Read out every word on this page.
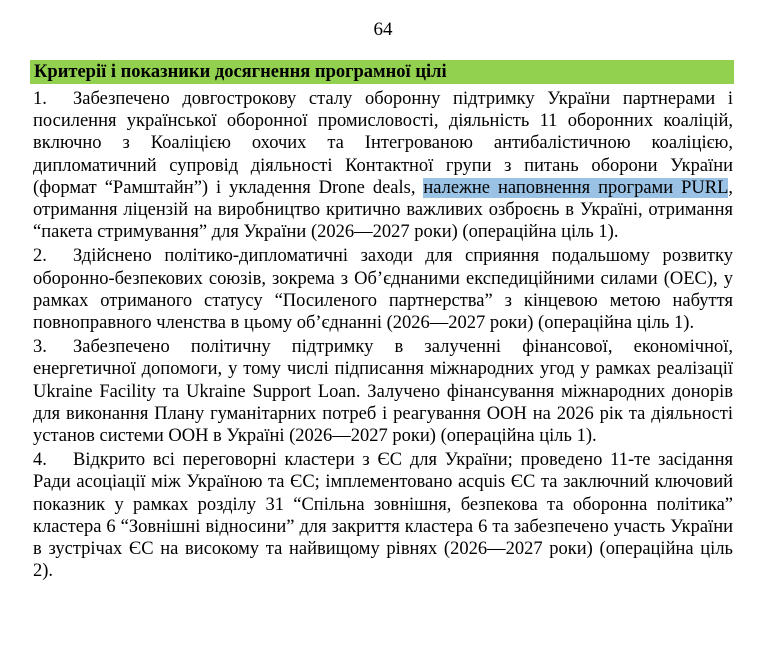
64
Критерії і показники досягнення програмної цілі
1. Забезпечено довгострокову сталу оборонну підтримку України партнерами і посилення української оборонної промисловості, діяльність 11 оборонних коаліцій, включно з Коаліцією охочих та Інтегрованою антибалістичною коаліцією, дипломатичний супровід діяльності Контактної групи з питань оборони України (формат “Рамштайн”) і укладення Drone deals, належне наповнення програми PURL, отримання ліцензій на виробництво критично важливих озброєнь в Україні, отримання “пакета стримування” для України (2026—2027 роки) (операційна ціль 1).
2. Здійснено політико-дипломатичні заходи для сприяння подальшому розвитку оборонно-безпекових союзів, зокрема з Об’єднаними експедиційними силами (ОЕС), у рамках отриманого статусу “Посиленого партнерства” з кінцевою метою набуття повноправного членства в цьому об’єднанні (2026—2027 роки) (операційна ціль 1).
3. Забезпечено політичну підтримку в залученні фінансової, економічної, енергетичної допомоги, у тому числі підписання міжнародних угод у рамках реалізації Ukraine Facility та Ukraine Support Loan. Залучено фінансування міжнародних донорів для виконання Плану гуманітарних потреб і реагування ООН на 2026 рік та діяльності установ системи ООН в Україні (2026—2027 роки) (операційна ціль 1).
4. Відкрито всі переговорні кластери з ЄС для України; проведено 11-те засідання Ради асоціації між Україною та ЄС; імплементовано acquis ЄС та заключний ключовий показник у рамках розділу 31 “Спільна зовнішня, безпекова та оборонна політика” кластера 6 “Зовнішні відносини” для закриття кластера 6 та забезпечено участь України в зустрічах ЄС на високому та найвищому рівнях (2026—2027 роки) (операційна ціль 2).
